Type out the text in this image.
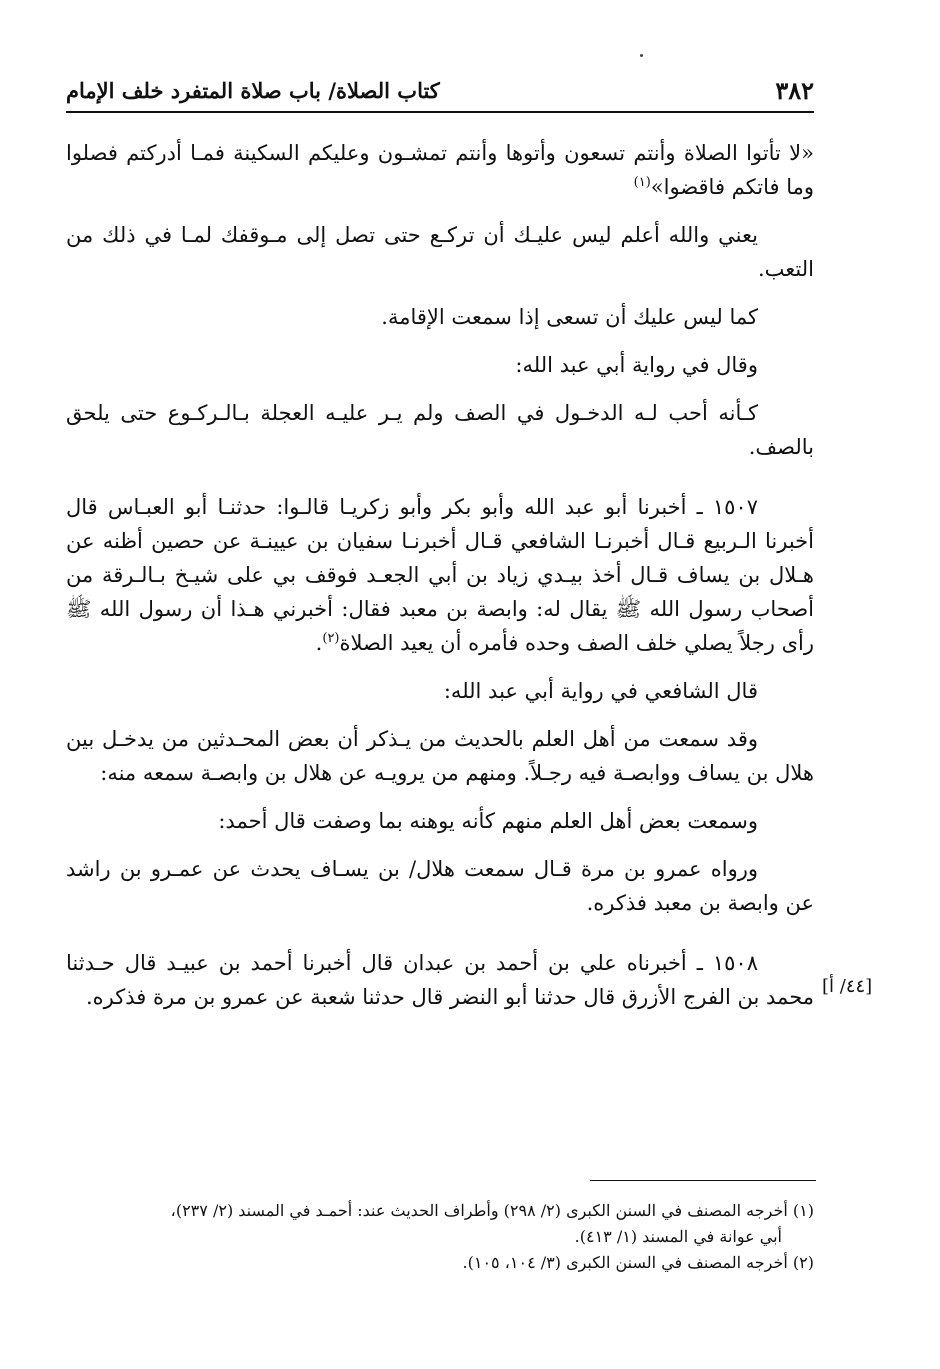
٣٨٢
كتاب الصلاة/ باب صلاة المتفرد خلف الإمام

«لا تأتوا الصلاة وأنتم تسعون وأتوها وأنتم تمشـون وعليكم السكينة فمـا أدركتم فصلوا وما فاتكم فاقضوا»$^{(١)}$

يعني والله أعلم ليس عليـك أن تركـع حتى تصل إلى مـوقفك لمـا في ذلك من التعب.

كما ليس عليك أن تسعى إذا سمعت الإقامة.

وقال في رواية أبي عبد الله:

كـأنه أحب لـه الدخـول في الصف ولم يـر عليـه العجلة بـالـركـوع حتى يلحق بالصف.

١٥٠٧ ـ أخبرنا أبو عبد الله وأبو بكر وأبو زكريـا قالـوا: حدثنـا أبو العبـاس قال أخبرنا الـربيع قـال أخبرنـا الشافعي قـال أخبرنـا سفيان بن عيينـة عن حصين أظنه عن هـلال بن يساف قـال أخذ بيـدي زياد بن أبي الجعـد فوقف بي على شيـخ بـالـرقة من أصحاب رسول الله ﷺ يقال له: وابصة بن معبد فقال: أخبرني هـذا أن رسول الله ﷺ رأى رجلاً يصلي خلف الصف وحده فأمره أن يعيد الصلاة$^{(٢)}$.

قال الشافعي في رواية أبي عبد الله:

وقد سمعت من أهل العلم بالحديث من يـذكر أن بعض المحـدثين من يدخـل بين هلال بن يساف ووابصـة فيه رجـلاً. ومنهم من يرويـه عن هلال بن وابصـة سمعه منه:

وسمعت بعض أهل العلم منهم كأنه يوهنه بما وصفت قال أحمد:

ورواه عمرو بن مرة قـال سمعت هلال/ بن يسـاف يحدث عن عمـرو بن راشد عن وابصة بن معبد فذكره.

١٥٠٨ ـ أخبرناه علي بن أحمد بن عبدان قال أخبرنا أحمد بن عبيـد قال حـدثنا محمد بن الفرج الأزرق قال حدثنا أبو النضر قال حدثنا شعبة عن عمرو بن مرة فذكره. [٤٤/ أ]

(١) أخرجه المصنف في السنن الكبرى (٢/ ٢٩٨) وأطراف الحديث عند: أحمـد في المسند (٢/ ٢٣٧)،
أبي عوانة في المسند (١/ ٤١٣).

(٢) أخرجه المصنف في السنن الكبرى (٣/ ١٠٤، ١٠٥).
